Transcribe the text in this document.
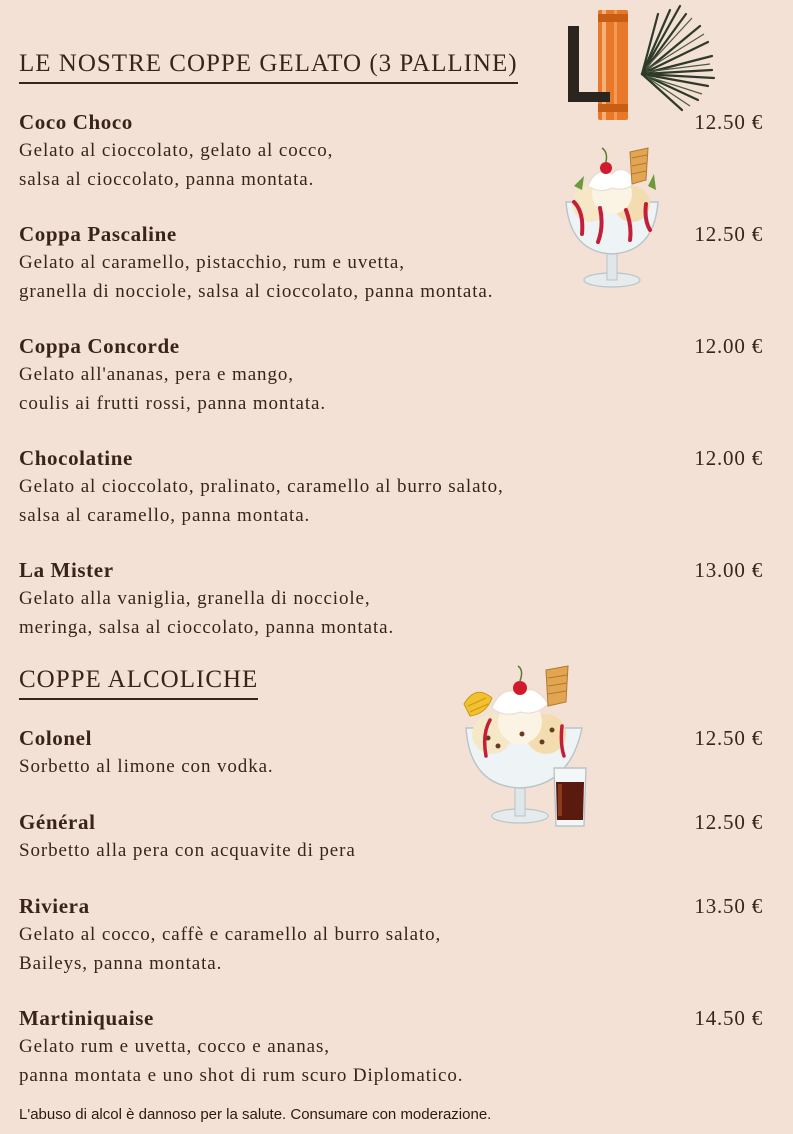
LE NOSTRE COPPE GELATO (3 PALLINE)
Coco Choco	12.50 €
Gelato al cioccolato, gelato al cocco,
salsa al cioccolato, panna montata.
Coppa Pascaline	12.50 €
Gelato al caramello, pistacchio, rum e uvetta,
granella di nocciole, salsa al cioccolato, panna montata.
Coppa Concorde	12.00 €
Gelato all'ananas, pera e mango,
coulis ai frutti rossi, panna montata.
Chocolatine	12.00 €
Gelato al cioccolato, pralinato, caramello al burro salato,
salsa al caramello, panna montata.
La Mister	13.00 €
Gelato alla vaniglia, granella di nocciole,
meringa, salsa al cioccolato, panna montata.
COPPE ALCOLICHE
Colonel	12.50 €
Sorbetto al limone con vodka.
Général	12.50 €
Sorbetto alla pera con acquavite di pera
Riviera	13.50 €
Gelato al cocco, caffè e caramello al burro salato,
Baileys, panna montata.
Martiniquaise	14.50 €
Gelato rum e uvetta, cocco e ananas,
panna montata e uno shot di rum scuro Diplomatico.
L'abuso di alcol è dannoso per la salute. Consumare con moderazione.
